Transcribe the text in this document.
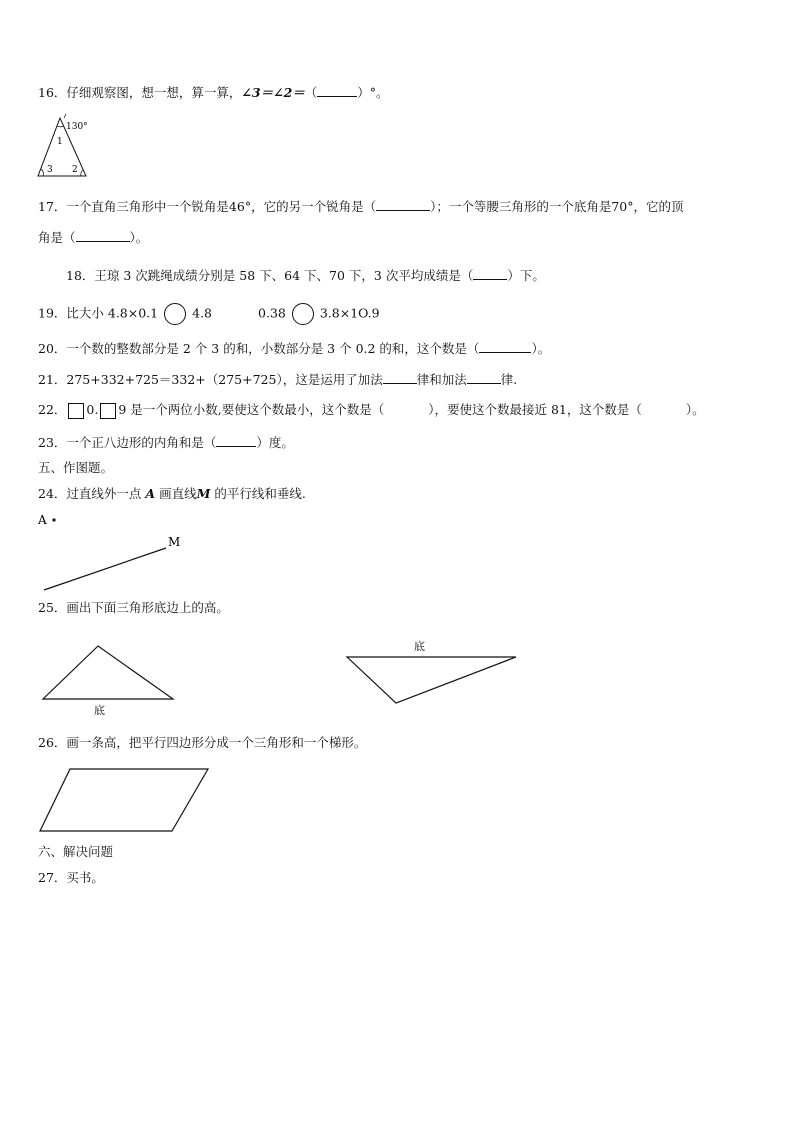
16．仔细观察图，想一想，算一算，∠3＝∠2＝（	）°。
130°
1
3 2
17．一个直角三角形中一个锐角是46°，它的另一个锐角是（	）；一个等腰三角形的一个底角是70°，它的顶
角是（	）。
18．王琼 3 次跳绳成绩分别是 58 下、64 下、70 下，3 次平均成绩是（	）下。
19．比大小 4.8×0.1	4.8	0.38	3.8×1O.9
20．一个数的整数部分是 2 个 3 的和，小数部分是 3 个 0.2 的和，这个数是（	）。
21．275+332+725＝332+（275+725），这是运用了加法	律和加法	律.
22． 0. 9 是一个两位小数,要使这个数最小，这个数是（	），要使这个数最接近 81，这个数是（	）。
23．一个正八边形的内角和是（	）度。
五、作图题。
24．过直线外一点 A 画直线M 的平行线和垂线.
A
M
25．画出下面三角形底边上的高。
底
底
26．画一条高，把平行四边形分成一个三角形和一个梯形。
六、解决问题
27．买书。
